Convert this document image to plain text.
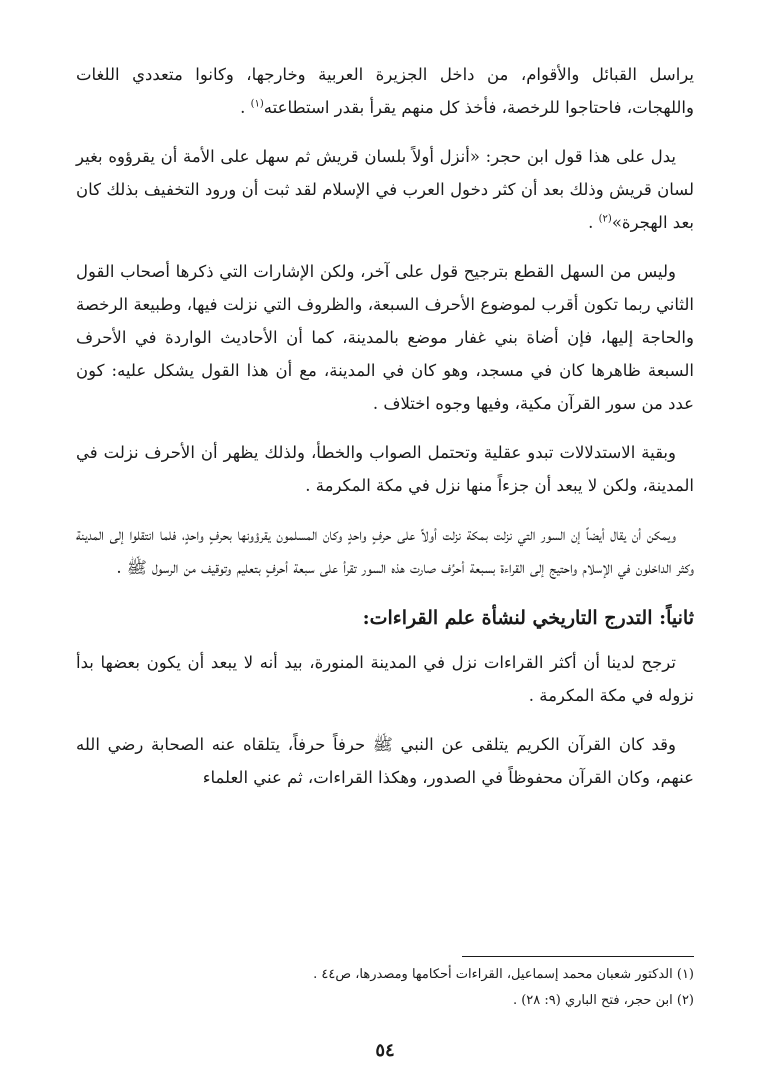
يراسل القبائل والأقوام، من داخل الجزيرة العربية وخارجها، وكانوا متعددي اللغات واللهجات، فاحتاجوا للرخصة، فأخذ كل منهم يقرأ بقدر استطاعته$^{(١)}$ .

يدل على هذا قول ابن حجر: «أنزل أولاً بلسان قريش ثم سهل على الأمة أن يقرؤوه بغير لسان قريش وذلك بعد أن كثر دخول العرب في الإسلام لقد ثبت أن ورود التخفيف بذلك كان بعد الهجرة»$^{(٢)}$ .

وليس من السهل القطع بترجيح قول على آخر، ولكن الإشارات التي ذكرها أصحاب القول الثاني ربما تكون أقرب لموضوع الأحرف السبعة، والظروف التي نزلت فيها، وطبيعة الرخصة والحاجة إليها، فإن أضاة بني غفار موضع بالمدينة، كما أن الأحاديث الواردة في الأحرف السبعة ظاهرها كان في مسجد، وهو كان في المدينة، مع أن هذا القول يشكل عليه: كون عدد من سور القرآن مكية، وفيها وجوه اختلاف .

وبقية الاستدلالات تبدو عقلية وتحتمل الصواب والخطأ، ولذلك يظهر أن الأحرف نزلت في المدينة، ولكن لا يبعد أن جزءاً منها نزل في مكة المكرمة .

ويمكن أن يقال أيضاً إن السور التي نزلت بمكة نزلت أولاً على حرفٍ واحدٍ وكان المسلمون يقرؤونها بحرفٍ واحدٍ، فلما انتقلوا إلى المدينة وكثر الداخلون في الإسلام واحتيج إلى القراءة بسبعة أحرُف صارت هذه السور تقرأ على سبعة أحرفٍ بتعليم وتوقيف من الرسول ﷺ .

ثانياً: التدرج التاريخي لنشأة علم القراءات:

ترجح لدينا أن أكثر القراءات نزل في المدينة المنورة، بيد أنه لا يبعد أن يكون بعضها بدأ نزوله في مكة المكرمة .

وقد كان القرآن الكريم يتلقى عن النبي ﷺ حرفاً حرفاً، يتلقاه عنه الصحابة رضي الله عنهم، وكان القرآن محفوظاً في الصدور، وهكذا القراءات، ثم عني العلماء

(١) الدكتور شعبان محمد إسماعيل، القراءات أحكامها ومصدرها، ص٤٤ .

(٢) ابن حجر، فتح الباري (٩: ٢٨) .

٥٤
